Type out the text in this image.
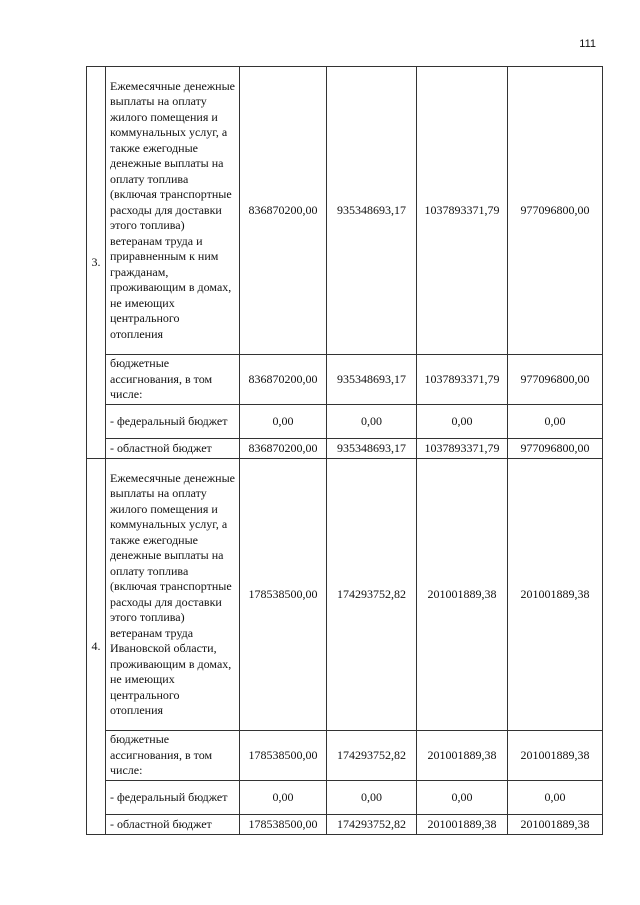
111
3.	Ежемесячные денежные выплаты на оплату жилого помещения и коммунальных услуг, а также ежегодные денежные выплаты на оплату топлива (включая транспортные расходы для доставки этого топлива) ветеранам труда и приравненным к ним гражданам, проживающим в домах, не имеющих центрального отопления	836870200,00	935348693,17	1037893371,79	977096800,00
	бюджетные ассигнования, в том числе:	836870200,00	935348693,17	1037893371,79	977096800,00
	- федеральный бюджет	0,00	0,00	0,00	0,00
	- областной бюджет	836870200,00	935348693,17	1037893371,79	977096800,00
4.	Ежемесячные денежные выплаты на оплату жилого помещения и коммунальных услуг, а также ежегодные денежные выплаты на оплату топлива (включая транспортные расходы для доставки этого топлива) ветеранам труда Ивановской области, проживающим в домах, не имеющих центрального отопления	178538500,00	174293752,82	201001889,38	201001889,38
	бюджетные ассигнования, в том числе:	178538500,00	174293752,82	201001889,38	201001889,38
	- федеральный бюджет	0,00	0,00	0,00	0,00
	- областной бюджет	178538500,00	174293752,82	201001889,38	201001889,38
